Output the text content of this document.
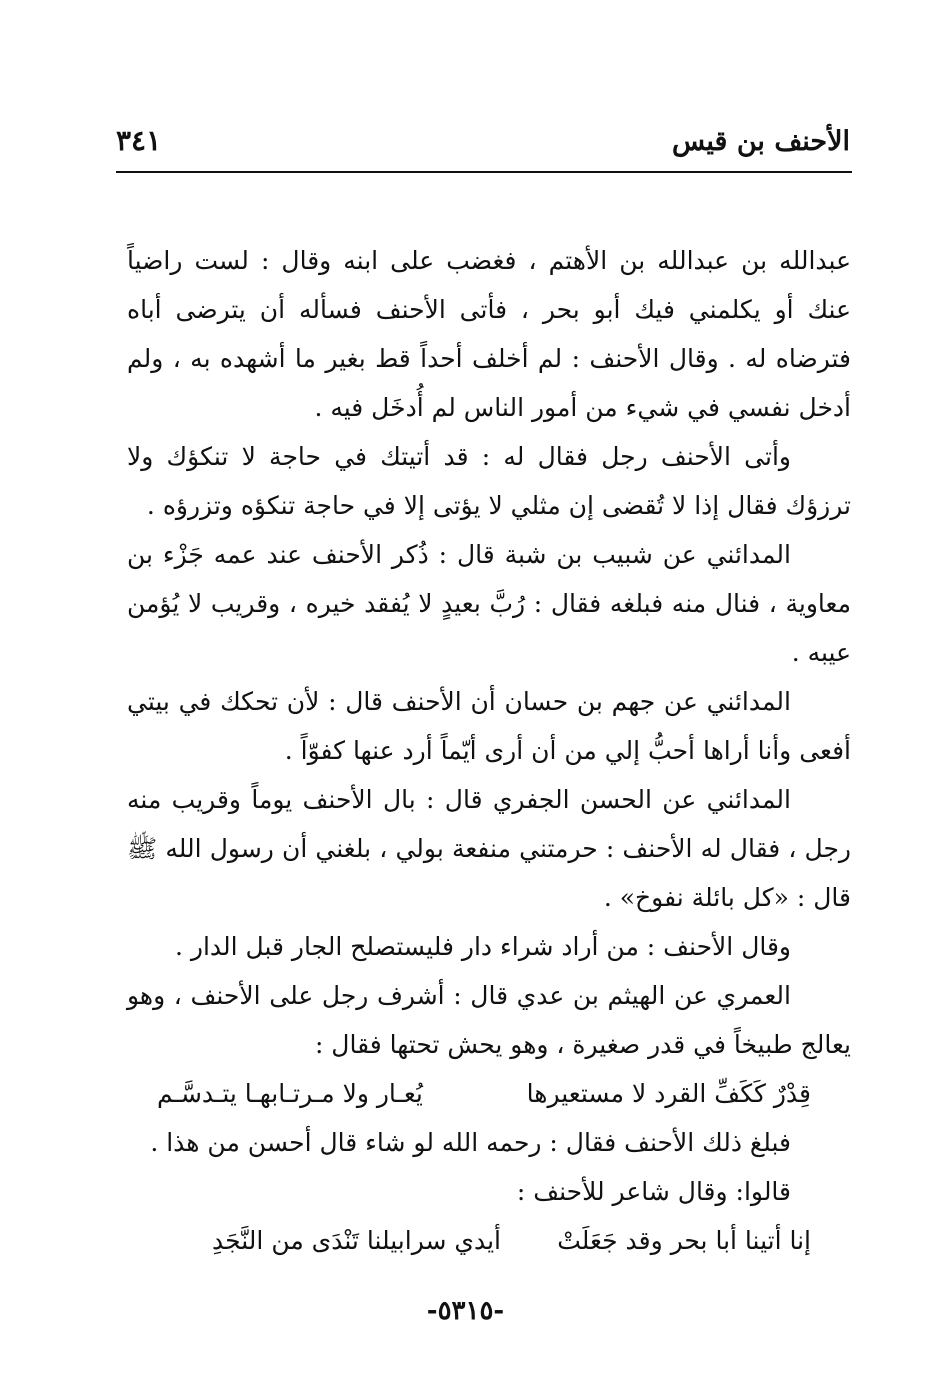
الأحنف بن قيس
٣٤١

عبدالله بن عبدالله بن الأهتم ، فغضب على ابنه وقال : لست راضياً عنك أو يكلمني فيك أبو بحر ، فأتى الأحنف فسأله أن يترضى أباه فترضاه له . وقال الأحنف : لم أخلف أحداً قط بغير ما أشهده به ، ولم أدخل نفسي في شيء من أمور الناس لم أُدخَل فيه .

وأتى الأحنف رجل فقال له : قد أتيتك في حاجة لا تنكؤك ولا ترزؤك فقال إذا لا تُقضى إن مثلي لا يؤتى إلا في حاجة تنكؤه وتزرؤه .

المدائني عن شبيب بن شبة قال : ذُكر الأحنف عند عمه جَزْء بن معاوية ، فنال منه فبلغه فقال : رُبَّ بعيدٍ لا يُفقد خيره ، وقريب لا يُؤمن عيبه .

المدائني عن جهم بن حسان أن الأحنف قال : لأن تحكك في بيتي أفعى وأنا أراها أحبُّ إلي من أن أرى أيّماً أرد عنها كفوّاً .

المدائني عن الحسن الجفري قال : بال الأحنف يوماً وقريب منه رجل ، فقال له الأحنف : حرمتني منفعة بولي ، بلغني أن رسول الله ﷺ قال : «كل بائلة نفوخ» .

وقال الأحنف : من أراد شراء دار فليستصلح الجار قبل الدار .

العمري عن الهيثم بن عدي قال : أشرف رجل على الأحنف ، وهو يعالج طبيخاً في قدر صغيرة ، وهو يحش تحتها فقال :

قِدْرٌ كَكَفِّ القرد لا مستعيرها
يُعـار ولا مـرتـابهـا يتـدسَّـم

فبلغ ذلك الأحنف فقال : رحمه الله لو شاء قال أحسن من هذا .

قالوا: وقال شاعر للأحنف :

إنا أتينا أبا بحر وقد جَعَلَتْ
أيدي سرابيلنا تَنْدَى من النَّجَدِ
-٥٣١٥-
